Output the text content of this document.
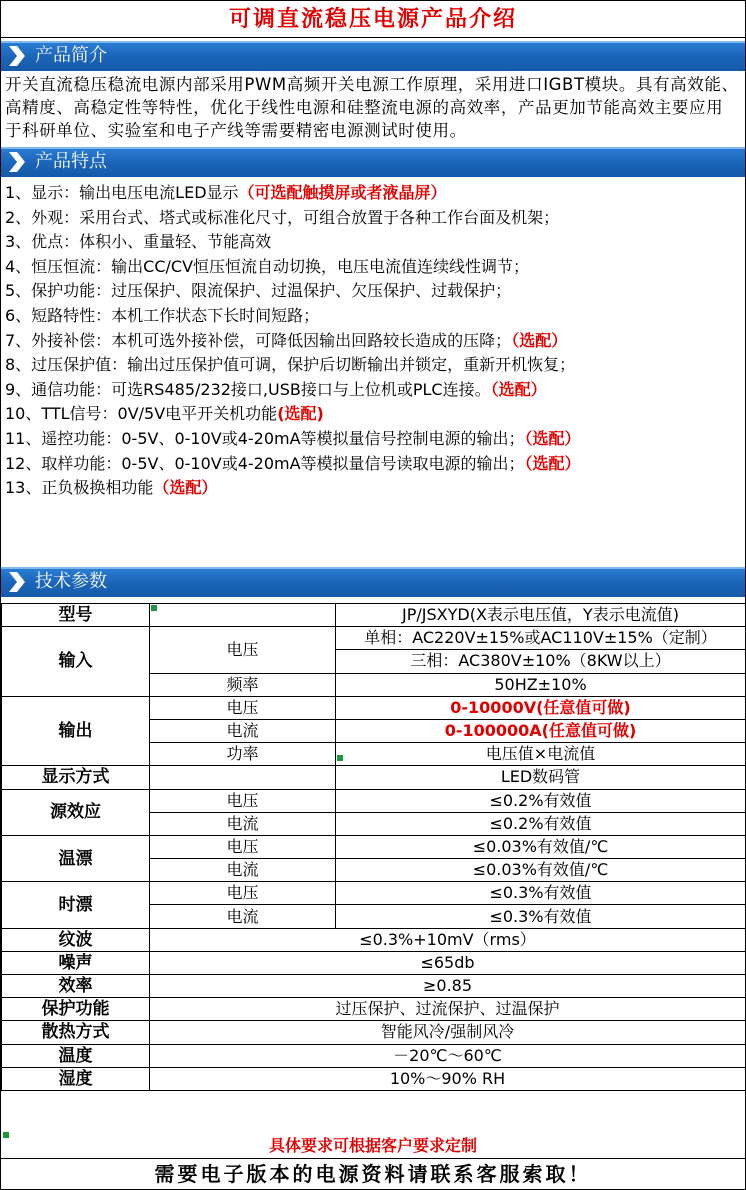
可调直流稳压电源产品介绍
产品简介
开关直流稳压稳流电源内部采用PWM高频开关电源工作原理，采用进口IGBT模块。具有高效能、高精度、高稳定性等特性，优化于线性电源和硅整流电源的高效率，产品更加节能高效主要应用于科研单位、实验室和电子产线等需要精密电源测试时使用。
产品特点
1、显示：输出电压电流LED显示（可选配触摸屏或者液晶屏）
2、外观：采用台式、塔式或标准化尺寸，可组合放置于各种工作台面及机架；
3、优点：体积小、重量轻、节能高效
4、恒压恒流：输出CC/CV恒压恒流自动切换，电压电流值连续线性调节；
5、保护功能：过压保护、限流保护、过温保护、欠压保护、过载保护；
6、短路特性：本机工作状态下长时间短路；
7、外接补偿：本机可选外接补偿，可降低因输出回路较长造成的压降；（选配）
8、过压保护值：输出过压保护值可调，保护后切断输出并锁定，重新开机恢复；
9、通信功能：可选RS485/232接口,USB接口与上位机或PLC连接。（选配）
10、TTL信号：0V/5V电平开关机功能(选配)
11、遥控功能：0-5V、0-10V或4-20mA等模拟量信号控制电源的输出；（选配）
12、取样功能：0-5V、0-10V或4-20mA等模拟量信号读取电源的输出；（选配）
13、正负极换相功能（选配）
技术参数
型号		JP/JSXYD(X表示电压值，Y表示电流值)
输入	电压	单相：AC220V±15%或AC110V±15%（定制）
		三相：AC380V±10%（8KW以上）
	频率	50HZ±10%
输出	电压	0-10000V(任意值可做)
	电流	0-100000A(任意值可做)
	功率	电压值×电流值
显示方式		LED数码管
源效应	电压	≤0.2%有效值
	电流	≤0.2%有效值
温漂	电压	≤0.03%有效值/℃
	电流	≤0.03%有效值/℃
时漂	电压	≤0.3%有效值
	电流	≤0.3%有效值
纹波	≤0.3%+10mV（rms）	
噪声	≤65db	
效率	≥0.85	
保护功能	过压保护、过流保护、过温保护	
散热方式	智能风冷/强制风冷	
温度	－20℃～60℃	
湿度	10%～90% RH	
具体要求可根据客户要求定制
需要电子版本的电源资料请联系客服索取！
